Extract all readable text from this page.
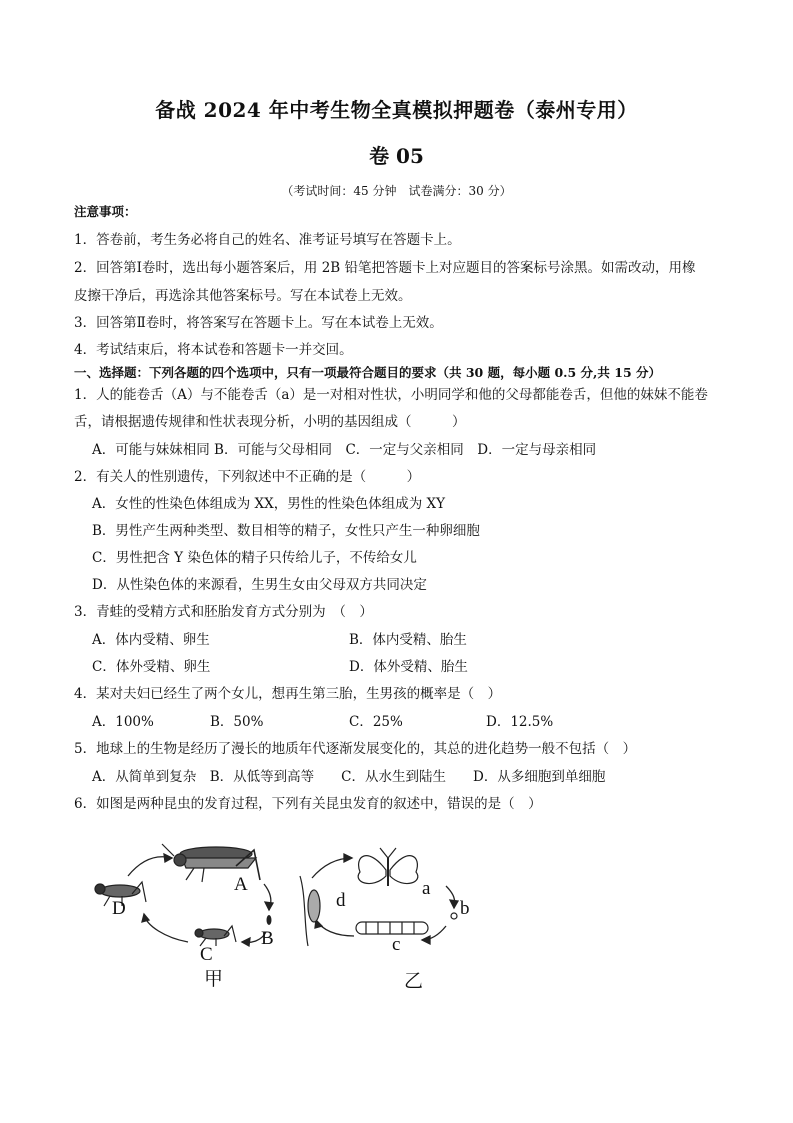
备战 2024 年中考生物全真模拟押题卷（泰州专用）
卷 05
（考试时间：45 分钟　试卷满分：30 分）
注意事项：
1．答卷前，考生务必将自己的姓名、准考证号填写在答题卡上。
2．回答第Ⅰ卷时，选出每小题答案后，用 2B 铅笔把答题卡上对应题目的答案标号涂黑。如需改动，用橡
皮擦干净后，再选涂其他答案标号。写在本试卷上无效。
3．回答第Ⅱ卷时，将答案写在答题卡上。写在本试卷上无效。
4．考试结束后，将本试卷和答题卡一并交回。
一、选择题：下列各题的四个选项中，只有一项最符合题目的要求（共 30 题，每小题 0.5 分,共 15 分）
1．人的能卷舌（A）与不能卷舌（a）是一对相对性状，小明同学和他的父母都能卷舌，但他的妹妹不能卷
舌，请根据遗传规律和性状表现分析，小明的基因组成（　　　）
A．可能与妹妹相同 B．可能与父母相同　C．一定与父亲相同　D．一定与母亲相同
2．有关人的性别遗传，下列叙述中不正确的是（　　　）
A．女性的性染色体组成为 XX，男性的性染色体组成为 XY
B．男性产生两种类型、数目相等的精子，女性只产生一种卵细胞
C．男性把含 Y 染色体的精子只传给儿子，不传给女儿
D．从性染色体的来源看，生男生女由父母双方共同决定
3．青蛙的受精方式和胚胎发育方式分别为　（　）
A．体内受精、卵生	B．体内受精、胎生
C．体外受精、卵生	D．体外受精、胎生
4．某对夫妇已经生了两个女儿，想再生第三胎，生男孩的概率是（　）
A．100%	B．50%	C．25%	D．12.5%
5．地球上的生物是经历了漫长的地质年代逐渐发展变化的，其总的进化趋势一般不包括（　）
A．从简单到复杂　B．从低等到高等　　C．从水生到陆生　　D．从多细胞到单细胞
6．如图是两种昆虫的发育过程，下列有关昆虫发育的叙述中，错误的是（　）
A
B
C
D
a
b
c
d
甲	乙
